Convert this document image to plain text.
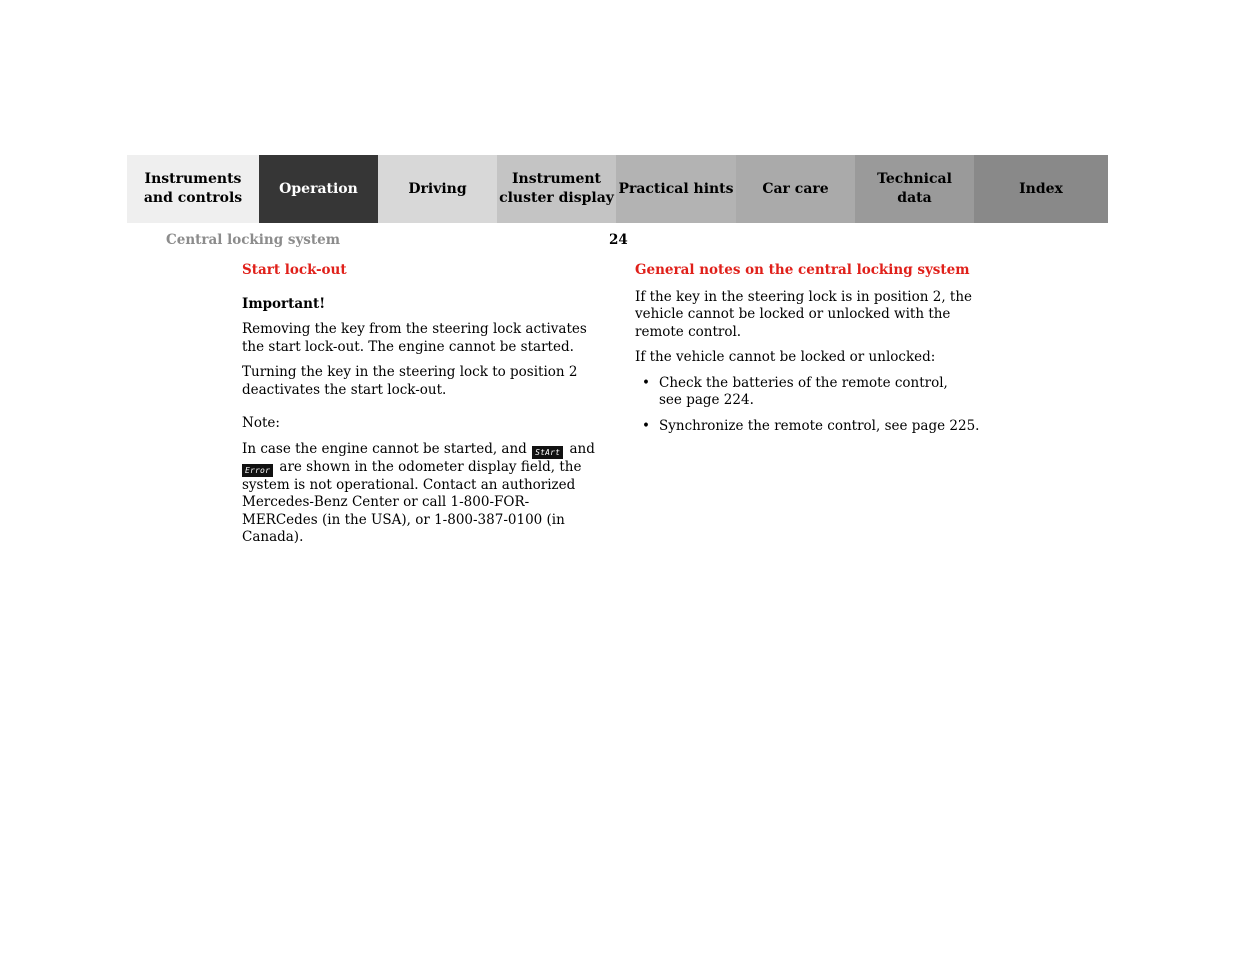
Instruments
and controls
Operation	Driving
Instrument
cluster display
Practical hints Car care
Technical
data
Index
Central locking system	24
Start lock-out
Important!

Removing the key from the steering lock activates the start lock-out. The engine cannot be started.

Turning the key in the steering lock to position 2 deactivates the start lock-out.

Note:

In case the engine cannot be started, and StArt and
Error are shown in the odometer display field, the system is not operational. Contact an authorized Mercedes-Benz Center or call 1-800-FOR-MERCedes (in the USA), or 1-800-387-0100 (in Canada).

General notes on the central locking system

If the key in the steering lock is in position 2, the vehicle cannot be locked or unlocked with the remote control.

If the vehicle cannot be locked or unlocked:

• Check the batteries of the remote control,
see page 224.
• Synchronize the remote control, see page 225.
